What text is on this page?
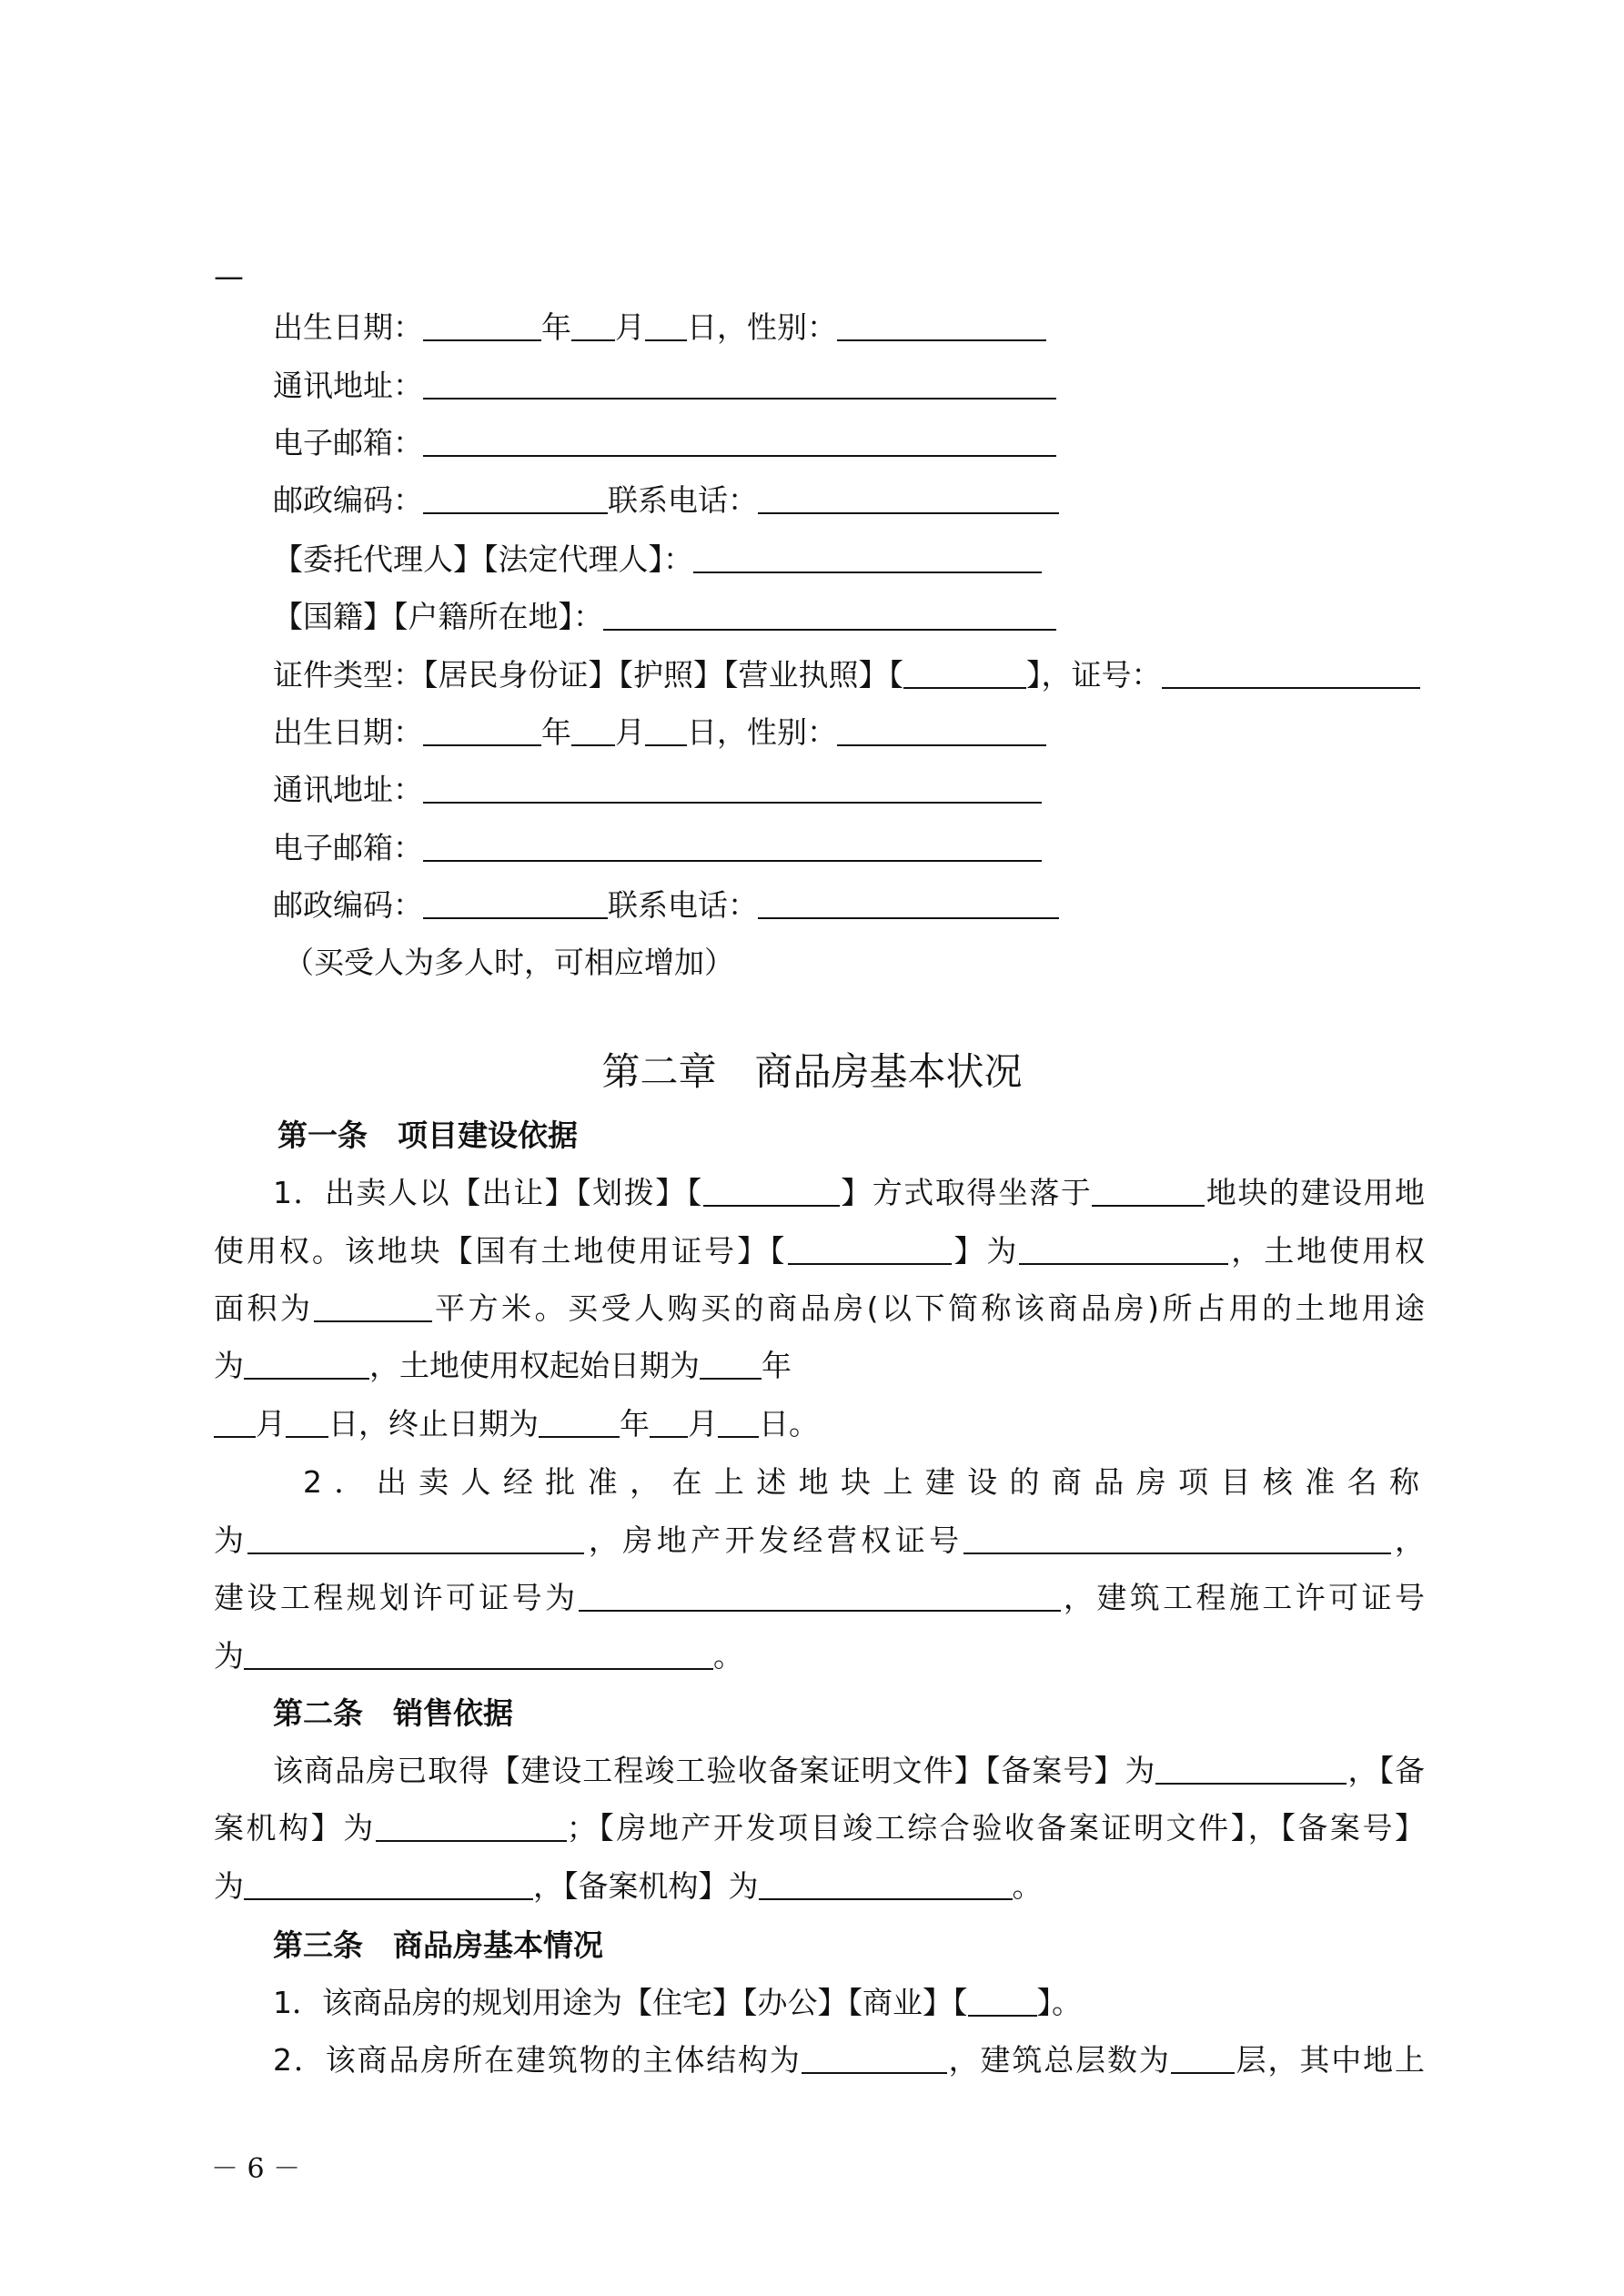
—
出生日期：	年 月 日，性别：
通讯地址：
电子邮箱：
邮政编码：	联系电话：
【委托代理人】【法定代理人】：
【国籍】【户籍所在地】：
证件类型：【居民身份证】【护照】【营业执照】【	】，证号：
出生日期：	年 月 日，性别：
通讯地址：
电子邮箱：
邮政编码：	联系电话：
（买受人为多人时，可相应增加）
第二章　商品房基本状况
第一条　项目建设依据
1．出卖人以【出让】【划拨】【	】方式取得坐落于	地块的建设用地
使用权。该地块【国有土地使用证号】【	】为	，土地使用权
面积为	平方米。买受人购买的商品房(以下简称该商品房)所占用的土地用途
为	，土地使用权起始日期为 年
月 日，终止日期为	年 月 日。
2．出卖人经批准，在上述地块上建设的商品房项目核准名称
为	，房地产开发经营权证号	，
建设工程规划许可证号为	，建筑工程施工许可证号
为	。
第二条　销售依据
该商品房已取得【建设工程竣工验收备案证明文件】【备案号】为	，【备
案机构】为	；【房地产开发项目竣工综合验收备案证明文件】，【备案号】
为	，【备案机构】为	。
第三条　商品房基本情况
1．该商品房的规划用途为【住宅】【办公】【商业】【 】。
2．该商品房所在建筑物的主体结构为	，建筑总层数为 层，其中地上
－ 6 －
